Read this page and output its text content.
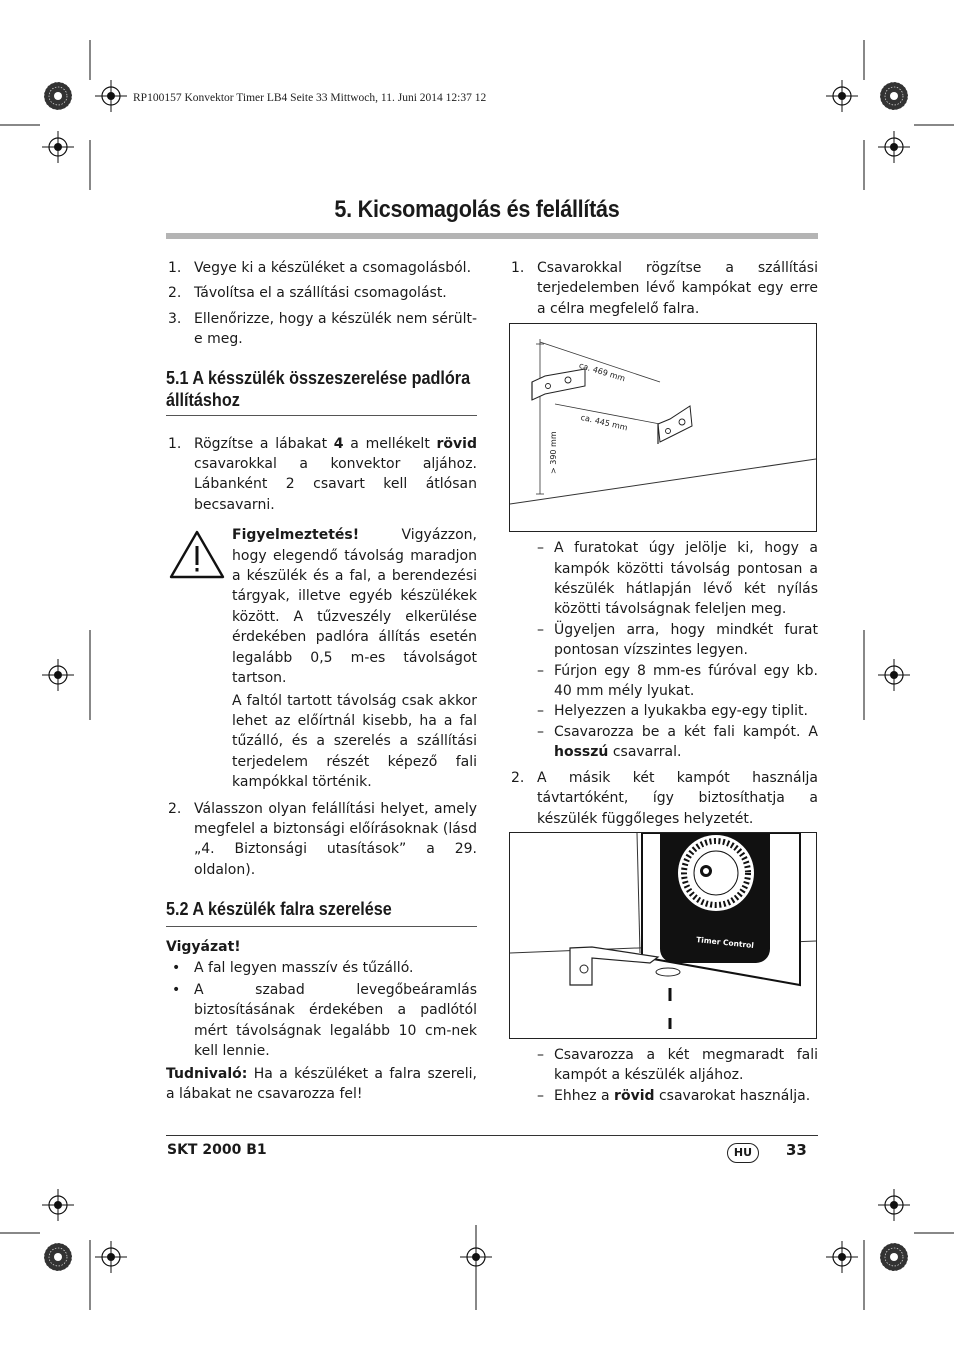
RP100157 Konvektor Timer LB4 Seite 33 Mittwoch, 11. Juni 2014 12:37 12
5. Kicsomagolás és felállítás

1. Vegye ki a készüléket a csomagolásból.

2. Távolítsa el a szállítási csomagolást.

3. Ellenőrizze, hogy a készülék nem sérült-e meg.

5.1 A késszülék összeszerelése padlóra állításhoz

1. Rögzítse a lábakat 4 a mellékelt rövid csavarokkal a konvektor aljához. Lábanként 2 csavart kell átlósan becsavarni.

Figyelmeztetés! Vigyázzon, hogy elegendő távolság maradjon a készülék és a fal, a berendezési tárgyak, illetve egyéb készülékek között. A tűzveszély elkerülése érdekében padlóra állítás esetén legalább 0,5 m-es távolságot tartson.

A faltól tartott távolság csak akkor lehet az előírtnál kisebb, ha a fal tűzálló, és a szerelés a szállítási terjedelem részét képező fali kampókkal történik.

2. Válasszon olyan felállítási helyet, amely megfelel a biztonsági előírásoknak (lásd „4. Biztonsági utasítások” a 29. oldalon).

5.2 A készülék falra szerelése

Vigyázat!

• A fal legyen masszív és tűzálló.

• A szabad levegőbeáramlás biztosításának érdekében a padlótól mért távolságnak legalább 10 cm-nek kell lennie.

Tudnivaló: Ha a készüléket a falra szereli, a lábakat ne csavarozza fel!

1. Csavarokkal rögzítse a szállítási terjedelemben lévő kampókat egy erre a célra megfelelő falra.

ca. 469 mm
ca. 445 mm
> 390 mm

– A furatokat úgy jelölje ki, hogy a kampók közötti távolság pontosan a készülék hátlapján lévő két nyílás közötti távolságnak feleljen meg.

– Ügyeljen arra, hogy mindkét furat pontosan vízszintes legyen.

– Fúrjon egy 8 mm-es fúróval egy kb. 40 mm mély lyukat.

– Helyezzen a lyukakba egy-egy tiplit.

– Csavarozza be a két fali kampót. A hosszú csavarral.

2. A másik két kampót használja távtartóként, így biztosíthatja a készülék függőleges helyzetét.

Timer Control

– Csavarozza a két megmaradt fali kampót a készülék aljához.

– Ehhez a rövid csavarokat használja.

SKT 2000 B1	HU	33
